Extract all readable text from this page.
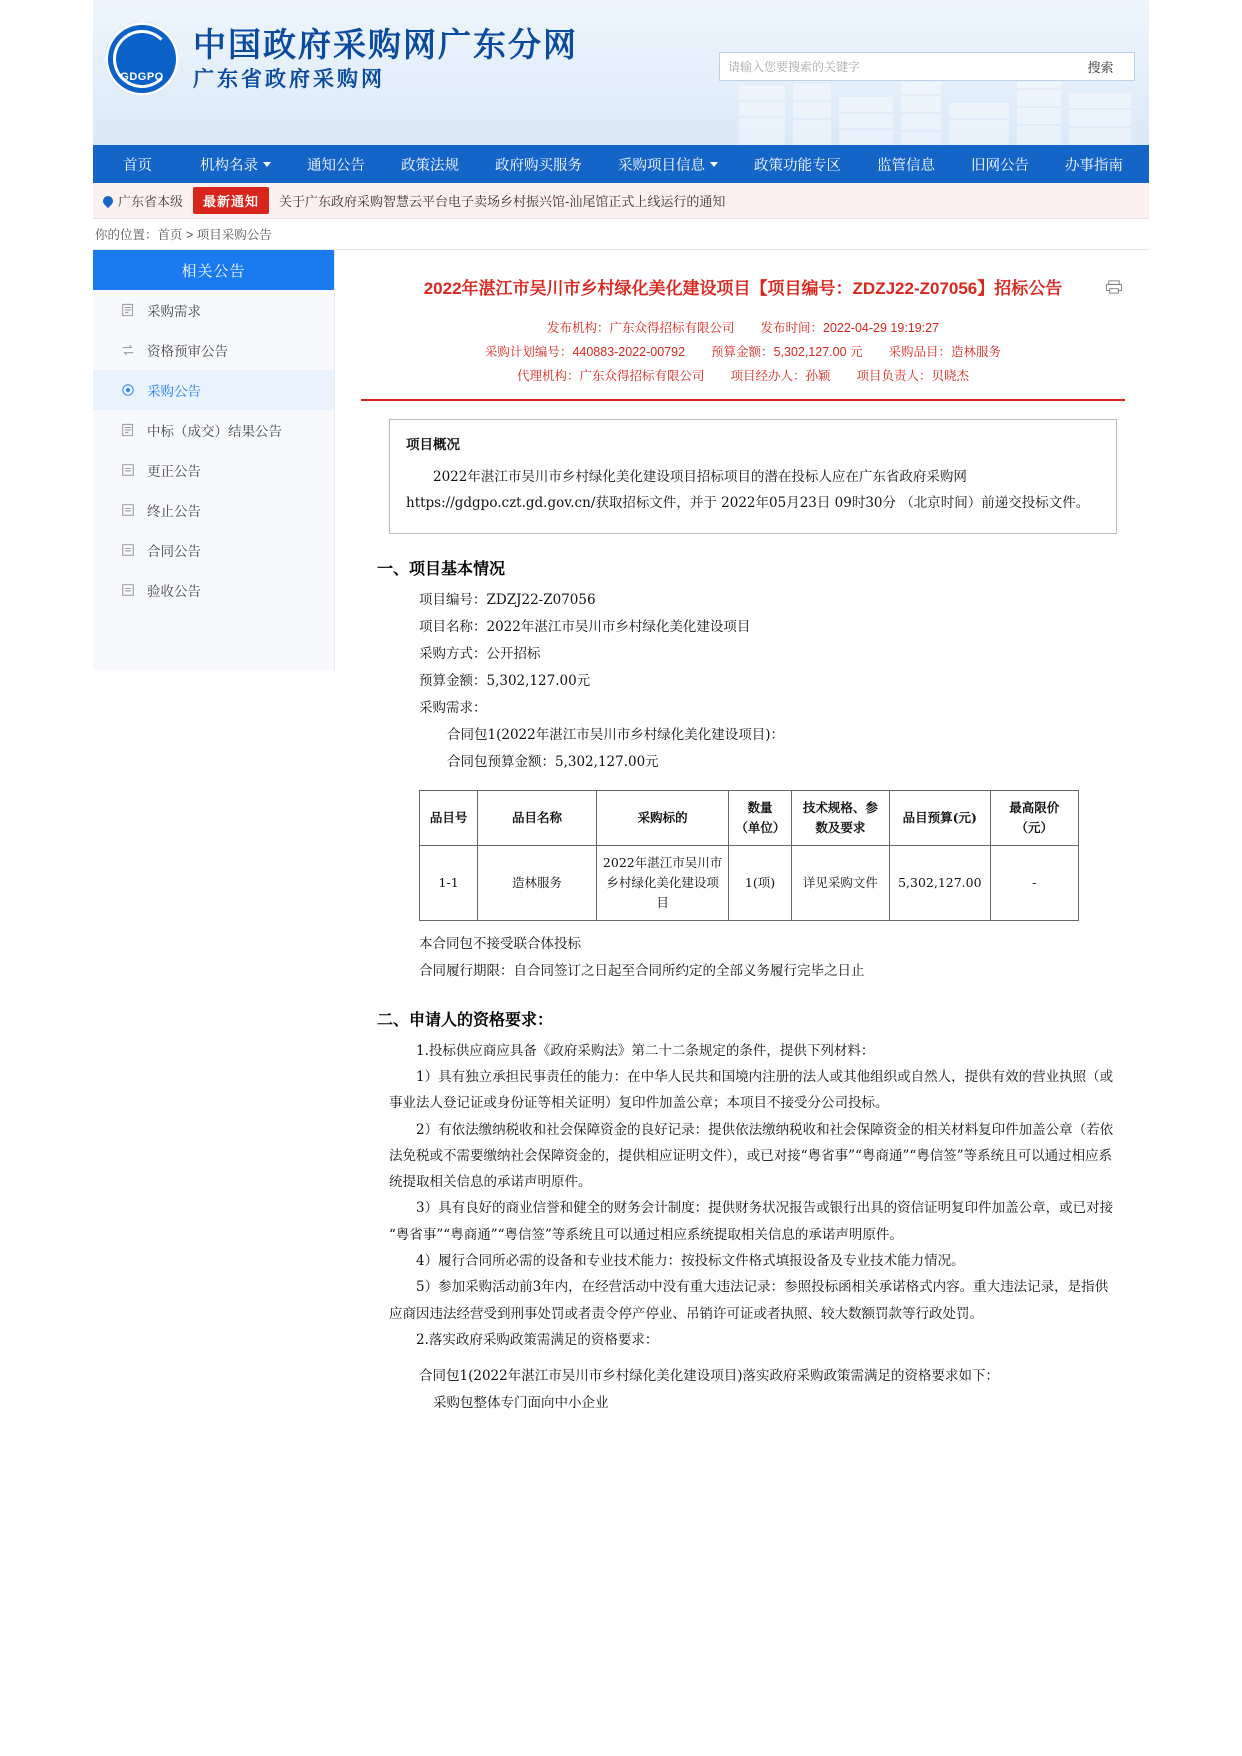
GDGPO
中国政府采购网广东分网
广东省政府采购网
请输入您要搜索的关键字	搜索
首页	机构名录	通知公告 政策法规 政府购买服务 采购项目信息	政策功能专区 监管信息 旧网公告 办事指南
广东省本级	最新通知	关于广东政府采购智慧云平台电子卖场乡村振兴馆-汕尾馆正式上线运行的通知
你的位置：首页 > 项目采购公告
相关公告
采购需求
资格预审公告
采购公告
中标（成交）结果公告
更正公告
终止公告
合同公告
验收公告
2022年湛江市吴川市乡村绿化美化建设项目【项目编号：ZDZJ22-Z07056】招标公告
发布机构：广东众得招标有限公司 发布时间：2022-04-29 19:19:27
采购计划编号：440883-2022-00792 预算金额：5,302,127.00 元 采购品目：造林服务
代理机构：广东众得招标有限公司 项目经办人：孙颖 项目负责人：贝晓杰
项目概况

2022年湛江市吴川市乡村绿化美化建设项目招标项目的潜在投标人应在广东省政府采购网https://gdgpo.czt.gd.gov.cn/获取招标文件，并于 2022年05月23日 09时30分 （北京时间）前递交投标文件。

一、项目基本情况
项目编号：ZDZJ22-Z07056
项目名称：2022年湛江市吴川市乡村绿化美化建设项目
采购方式：公开招标
预算金额：5,302,127.00元
采购需求：
合同包1(2022年湛江市吴川市乡村绿化美化建设项目)：
合同包预算金额：5,302,127.00元
品目号	品目名称	采购标的	数量（单位）	技术规格、参数及要求	品目预算(元)	最高限价（元）
1-1	造林服务	2022年湛江市吴川市乡村绿化美化建设项目	1(项)	详见采购文件	5,302,127.00	-
本合同包不接受联合体投标
合同履行期限：自合同签订之日起至合同所约定的全部义务履行完毕之日止
二、申请人的资格要求：
1.投标供应商应具备《政府采购法》第二十二条规定的条件，提供下列材料：
1）具有独立承担民事责任的能力：在中华人民共和国境内注册的法人或其他组织或自然人，提供有效的营业执照（或事业法人登记证或身份证等相关证明）复印件加盖公章；本项目不接受分公司投标。
2）有依法缴纳税收和社会保障资金的良好记录：提供依法缴纳税收和社会保障资金的相关材料复印件加盖公章（若依法免税或不需要缴纳社会保障资金的，提供相应证明文件），或已对接“粤省事”“粤商通”“粤信签”等系统且可以通过相应系统提取相关信息的承诺声明原件。
3）具有良好的商业信誉和健全的财务会计制度：提供财务状况报告或银行出具的资信证明复印件加盖公章，或已对接“粤省事”“粤商通”“粤信签”等系统且可以通过相应系统提取相关信息的承诺声明原件。
4）履行合同所必需的设备和专业技术能力：按投标文件格式填报设备及专业技术能力情况。
5）参加采购活动前3年内，在经营活动中没有重大违法记录：参照投标函相关承诺格式内容。重大违法记录，是指供应商因违法经营受到刑事处罚或者责令停产停业、吊销许可证或者执照、较大数额罚款等行政处罚。
2.落实政府采购政策需满足的资格要求：
合同包1(2022年湛江市吴川市乡村绿化美化建设项目)落实政府采购政策需满足的资格要求如下：
采购包整体专门面向中小企业
